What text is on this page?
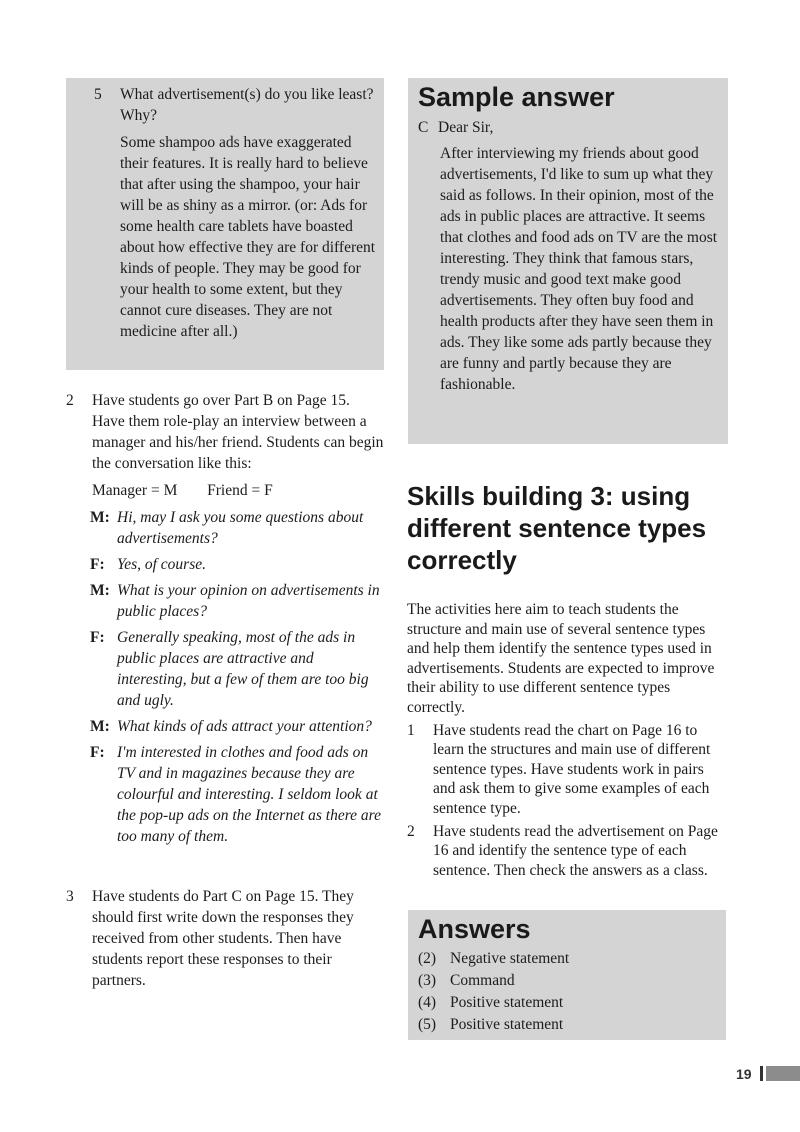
5 What advertisement(s) do you like least? Why?

Some shampoo ads have exaggerated their features. It is really hard to believe that after using the shampoo, your hair will be as shiny as a mirror. (or: Ads for some health care tablets have boasted about how effective they are for different kinds of people. They may be good for your health to some extent, but they cannot cure diseases. They are not medicine after all.)

2 Have students go over Part B on Page 15. Have them role-play an interview between a manager and his/her friend. Students can begin the conversation like this:

Manager = M Friend = F

M: Hi, may I ask you some questions about advertisements?
F: Yes, of course.
M: What is your opinion on advertisements in public places?
F: Generally speaking, most of the ads in public places are attractive and interesting, but a few of them are too big and ugly.
M: What kinds of ads attract your attention?
F: I'm interested in clothes and food ads on TV and in magazines because they are colourful and interesting. I seldom look at the pop-up ads on the Internet as there are too many of them.
3 Have students do Part C on Page 15. They should first write down the responses they received from other students. Then have students report these responses to their partners.

Sample answer
C Dear Sir,

After interviewing my friends about good advertisements, I'd like to sum up what they said as follows. In their opinion, most of the ads in public places are attractive. It seems that clothes and food ads on TV are the most interesting. They think that famous stars, trendy music and good text make good advertisements. They often buy food and health products after they have seen them in ads. They like some ads partly because they are funny and partly because they are fashionable.

Skills building 3: using different sentence types correctly

The activities here aim to teach students the structure and main use of several sentence types and help them identify the sentence types used in advertisements. Students are expected to improve their ability to use different sentence types correctly.

1 Have students read the chart on Page 16 to learn the structures and main use of different sentence types. Have students work in pairs and ask them to give some examples of each sentence type.

2 Have students read the advertisement on Page 16 and identify the sentence type of each sentence. Then check the answers as a class.

Answers
(2) Negative statement
(3) Command
(4) Positive statement
(5) Positive statement
19
